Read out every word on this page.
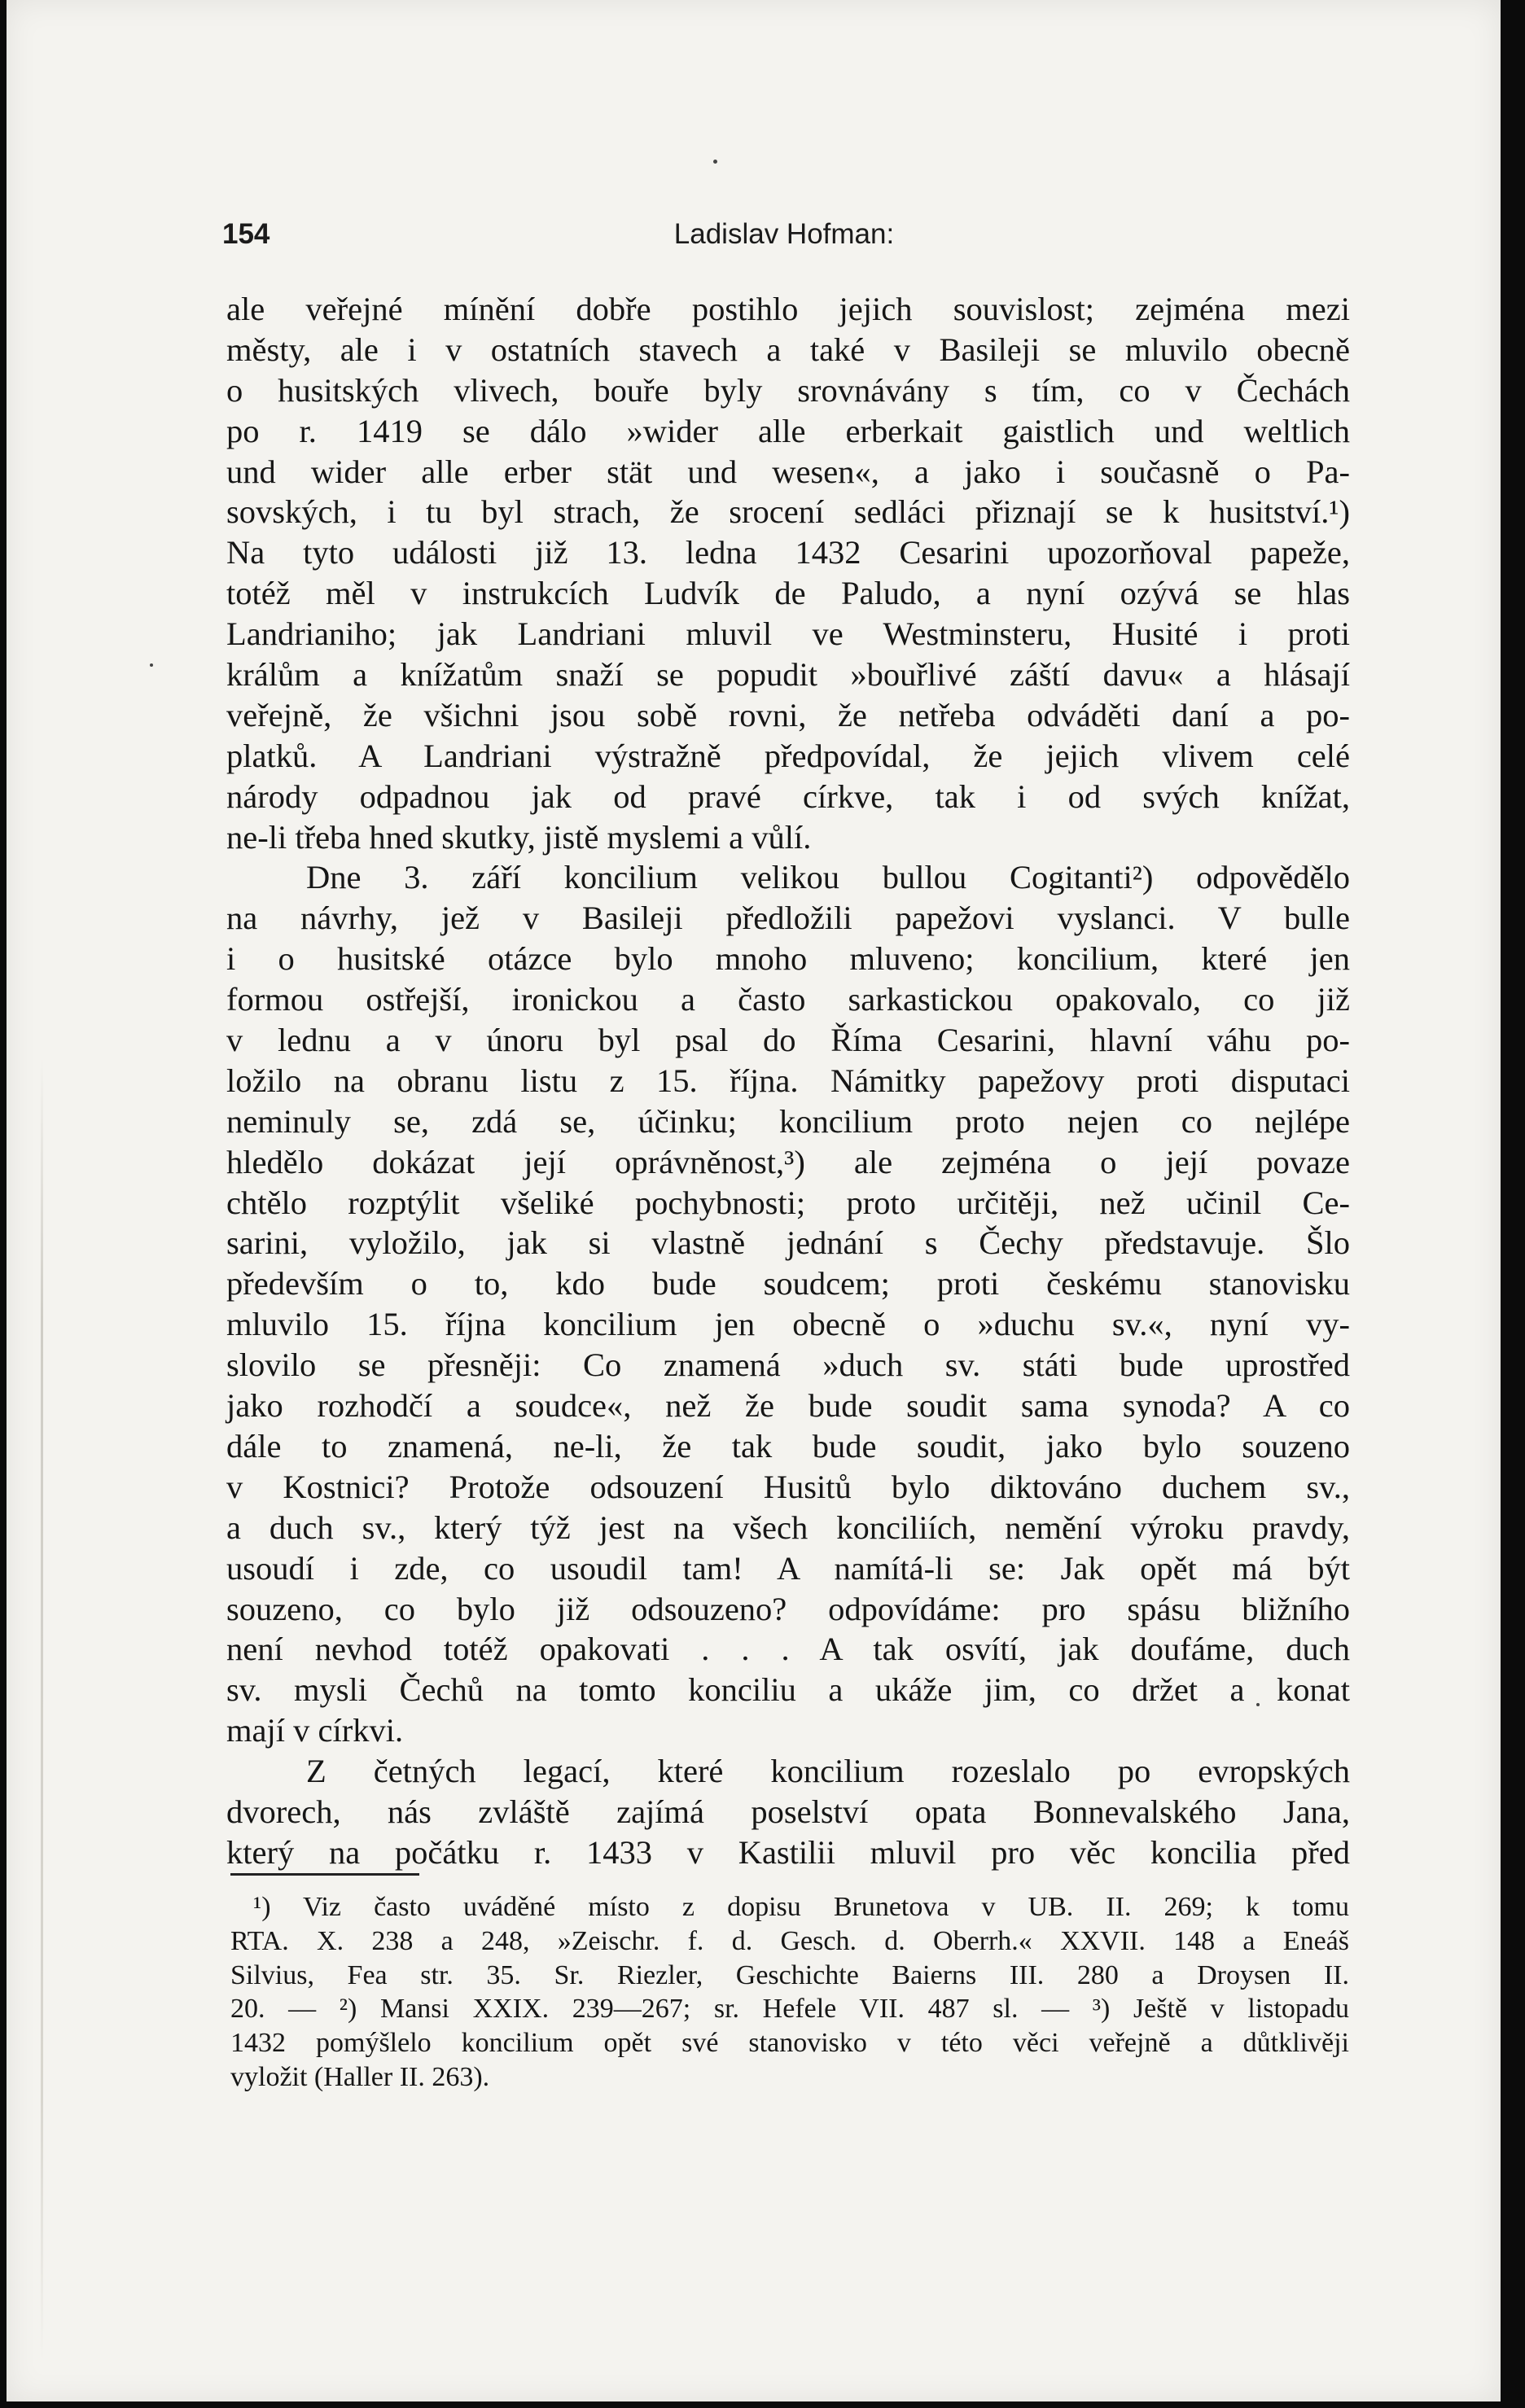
154	Ladislav Hofman:
ale veřejné mínění dobře postihlo jejich souvislost; zejména mezi
městy, ale i v ostatních stavech a také v Basileji se mluvilo obecně
o husitských vlivech, bouře byly srovnávány s tím, co v Čechách
po r. 1419 se dálo »wider alle erberkait gaistlich und weltlich
und wider alle erber stät und wesen«, a jako i současně o Pa-
sovských, i tu byl strach, že srocení sedláci přiznají se k husitství.¹)
Na tyto události již 13. ledna 1432 Cesarini upozorňoval papeže,
totéž měl v instrukcích Ludvík de Paludo, a nyní ozývá se hlas
Landrianiho; jak Landriani mluvil ve Westminsteru, Husité i proti
králům a knížatům snaží se popudit »bouřlivé záští davu« a hlásají
veřejně, že všichni jsou sobě rovni, že netřeba odváděti daní a po-
platků. A Landriani výstražně předpovídal, že jejich vlivem celé
národy odpadnou jak od pravé církve, tak i od svých knížat,
ne-li třeba hned skutky, jistě myslemi a vůlí.
Dne 3. září koncilium velikou bullou Cogitanti²) odpovědělo
na návrhy, jež v Basileji předložili papežovi vyslanci. V bulle
i o husitské otázce bylo mnoho mluveno; koncilium, které jen
formou ostřejší, ironickou a často sarkastickou opakovalo, co již
v lednu a v únoru byl psal do Říma Cesarini, hlavní váhu po-
ložilo na obranu listu z 15. října. Námitky papežovy proti disputaci
neminuly se, zdá se, účinku; koncilium proto nejen co nejlépe
hledělo dokázat její oprávněnost,³) ale zejména o její povaze
chtělo rozptýlit všeliké pochybnosti; proto určitěji, než učinil Ce-
sarini, vyložilo, jak si vlastně jednání s Čechy představuje. Šlo
především o to, kdo bude soudcem; proti českému stanovisku
mluvilo 15. října koncilium jen obecně o »duchu sv.«, nyní vy-
slovilo se přesněji: Co znamená »duch sv. státi bude uprostřed
jako rozhodčí a soudce«, než že bude soudit sama synoda? A co
dále to znamená, ne-li, že tak bude soudit, jako bylo souzeno
v Kostnici? Protože odsouzení Husitů bylo diktováno duchem sv.,
a duch sv., který týž jest na všech konciliích, nemění výroku pravdy,
usoudí i zde, co usoudil tam! A namítá-li se: Jak opět má být
souzeno, co bylo již odsouzeno? odpovídáme: pro spásu bližního
není nevhod totéž opakovati . . . A tak osvítí, jak doufáme, duch
sv. mysli Čechů na tomto konciliu a ukáže jim, co držet a konat
mají v církvi.
Z četných legací, které koncilium rozeslalo po evropských
dvorech, nás zvláště zajímá poselství opata Bonnevalského Jana,
který na počátku r. 1433 v Kastilii mluvil pro věc koncilia před
¹) Viz často uváděné místo z dopisu Brunetova v UB. II. 269; k tomu
RTA. X. 238 a 248, »Zeischr. f. d. Gesch. d. Oberrh.« XXVII. 148 a Eneáš
Silvius, Fea str. 35. Sr. Riezler, Geschichte Baierns III. 280 a Droysen II.
20. — ²) Mansi XXIX. 239—267; sr. Hefele VII. 487 sl. — ³) Ještě v listopadu
1432 pomýšlelo koncilium opět své stanovisko v této věci veřejně a důtklivěji
vyložit (Haller II. 263).
